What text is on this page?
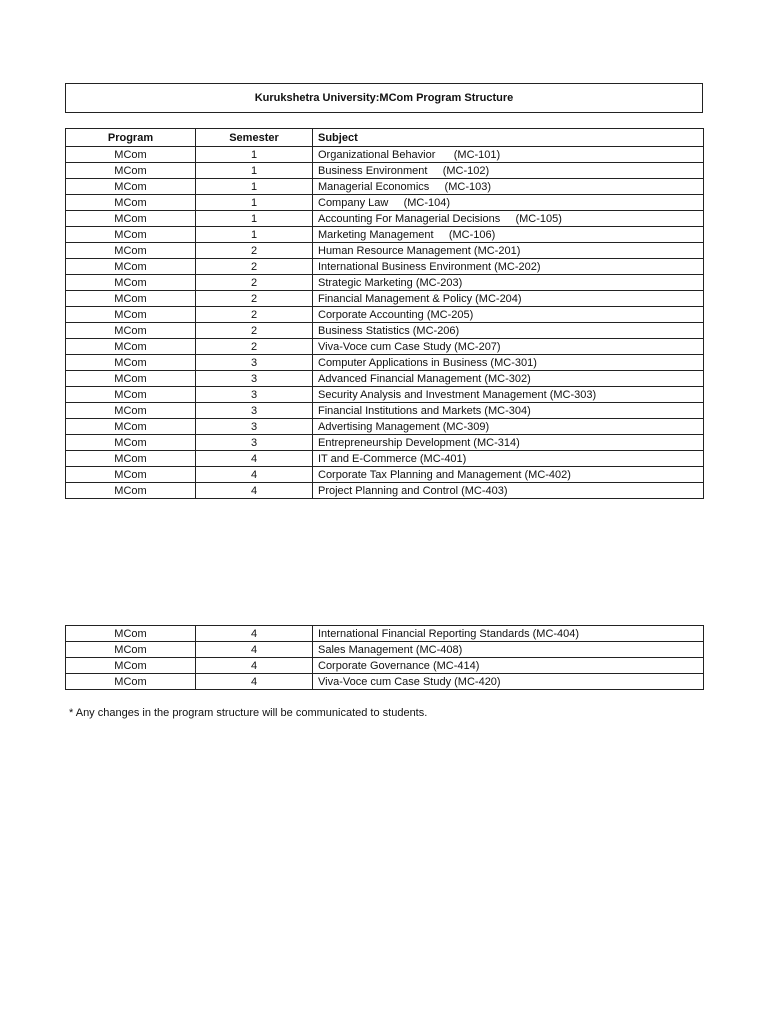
Kurukshetra University: MCom Program Structure
Program	Semester	Subject
MCom	1	Organizational Behavior      (MC-101)
MCom	1	Business Environment     (MC-102)
MCom	1	Managerial Economics     (MC-103)
MCom	1	Company Law     (MC-104)
MCom	1	Accounting For Managerial Decisions     (MC-105)
MCom	1	Marketing Management     (MC-106)
MCom	2	Human Resource Management (MC-201)
MCom	2	International Business Environment (MC-202)
MCom	2	Strategic Marketing (MC-203)
MCom	2	Financial Management & Policy (MC-204)
MCom	2	Corporate Accounting (MC-205)
MCom	2	Business Statistics (MC-206)
MCom	2	Viva-Voce cum Case Study (MC-207)
MCom	3	Computer Applications in Business (MC-301)
MCom	3	Advanced Financial Management (MC-302)
MCom	3	Security Analysis and Investment Management (MC-303)
MCom	3	Financial Institutions and Markets (MC-304)
MCom	3	Advertising Management (MC-309)
MCom	3	Entrepreneurship Development (MC-314)
MCom	4	IT and E-Commerce (MC-401)
MCom	4	Corporate Tax Planning and Management (MC-402)
MCom	4	Project Planning and Control (MC-403)
MCom	4	International Financial Reporting Standards (MC-404)
MCom	4	Sales Management (MC-408)
MCom	4	Corporate Governance (MC-414)
MCom	4	Viva-Voce cum Case Study (MC-420)
* Any changes in the program structure will be communicated to students.
